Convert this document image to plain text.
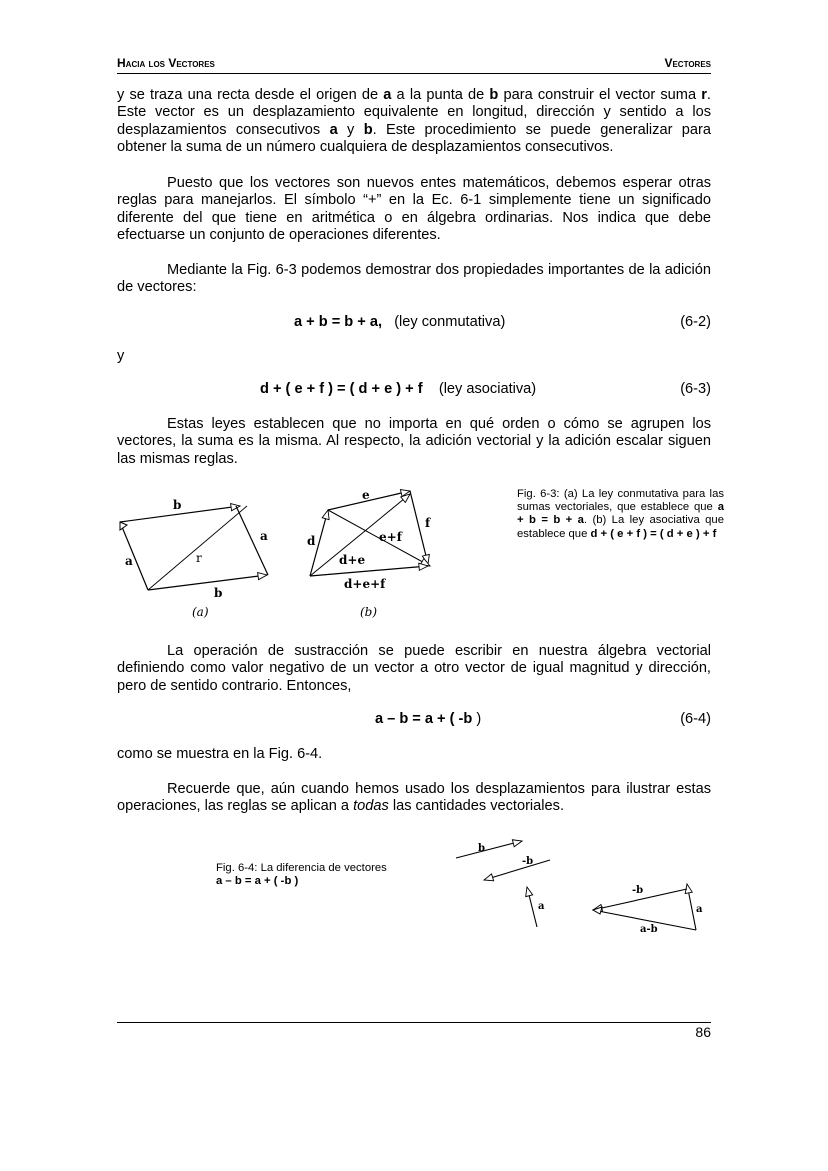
Hacia los Vectores	Vectores

y se traza una recta desde el origen de a a la punta de b para construir el vector suma r. Este vector es un desplazamiento equivalente en longitud, dirección y sentido a los desplazamientos consecutivos a y b. Este procedimiento se puede generalizar para obtener la suma de un número cualquiera de desplazamientos consecutivos.

Puesto que los vectores son nuevos entes matemáticos, debemos esperar otras reglas para manejarlos. El símbolo “+” en la Ec. 6-1 simplemente tiene un significado diferente del que tiene en aritmética o en álgebra ordinarias. Nos indica que debe efectuarse un conjunto de operaciones diferentes.

Mediante la Fig. 6-3 podemos demostrar dos propiedades importantes de la adición de vectores:

a + b = b + a, (ley conmutativa)	(6-2)

y

d + ( e + f ) = ( d + e ) + f (ley asociativa)	(6-3)

Estas leyes establecen que no importa en qué orden o cómo se agrupen los vectores, la suma es la misma. Al respecto, la adición vectorial y la adición escalar siguen las mismas reglas.

b
a
a
b
r
(a)
e
d
f
e+f
d+e
d+e+f
(b)

Fig. 6-3: (a) La ley conmutativa para las sumas vectoriales, que establece que a + b = b + a. (b) La ley asociativa que establece que d + ( e + f ) = ( d + e ) + f

La operación de sustracción se puede escribir en nuestra álgebra vectorial definiendo como valor negativo de un vector a otro vector de igual magnitud y dirección, pero de sentido contrario. Entonces,

a – b = a + ( -b )	(6-4)

como se muestra en la Fig. 6-4.

Recuerde que, aún cuando hemos usado los desplazamientos para ilustrar estas operaciones, las reglas se aplican a todas las cantidades vectoriales.

Fig. 6-4: La diferencia de vectores a – b = a + ( -b )

b
-b
a
-b
a
a-b
86
